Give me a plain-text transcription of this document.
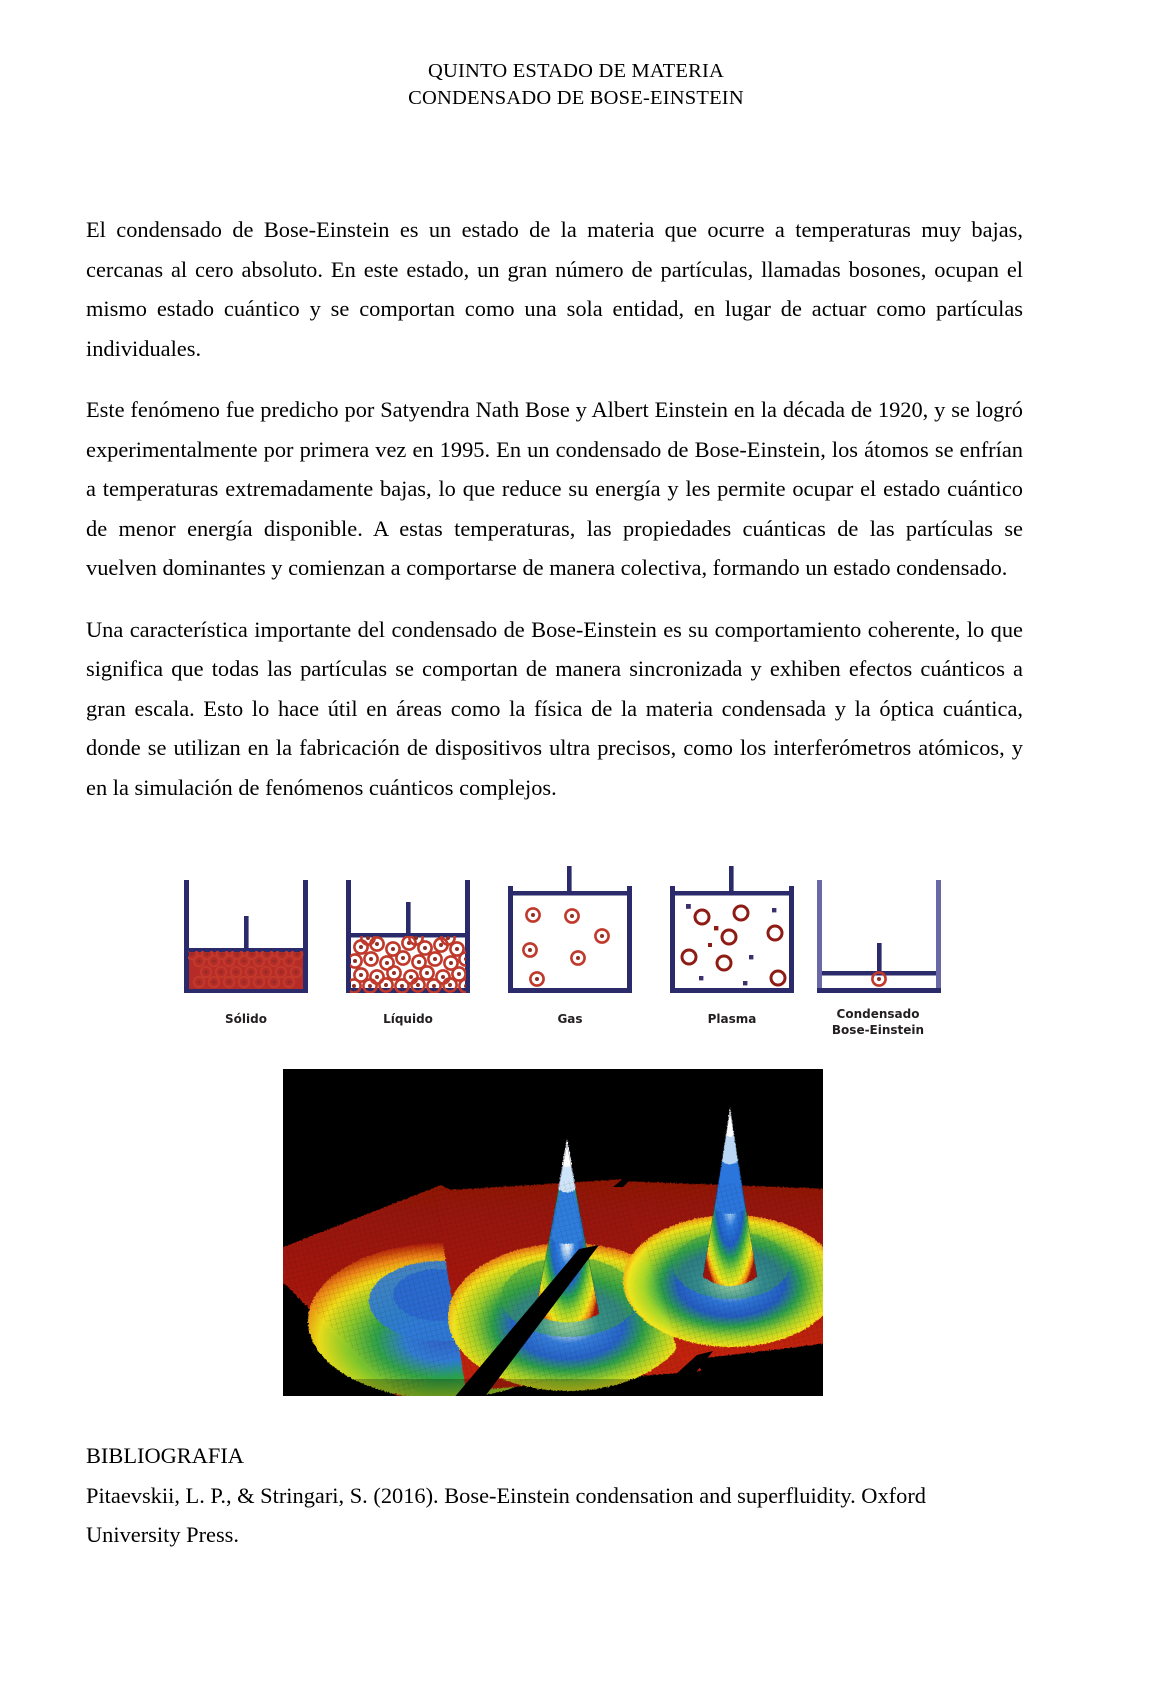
QUINTO ESTADO DE MATERIA
CONDENSADO DE BOSE-EINSTEIN

El condensado de Bose-Einstein es un estado de la materia que ocurre a temperaturas muy bajas, cercanas al cero absoluto. En este estado, un gran número de partículas, llamadas bosones, ocupan el mismo estado cuántico y se comportan como una sola entidad, en lugar de actuar como partículas individuales.

Este fenómeno fue predicho por Satyendra Nath Bose y Albert Einstein en la década de 1920, y se logró experimentalmente por primera vez en 1995. En un condensado de Bose-Einstein, los átomos se enfrían a temperaturas extremadamente bajas, lo que reduce su energía y les permite ocupar el estado cuántico de menor energía disponible. A estas temperaturas, las propiedades cuánticas de las partículas se vuelven dominantes y comienzan a comportarse de manera colectiva, formando un estado condensado.

Una característica importante del condensado de Bose-Einstein es su comportamiento coherente, lo que significa que todas las partículas se comportan de manera sincronizada y exhiben efectos cuánticos a gran escala. Esto lo hace útil en áreas como la física de la materia condensada y la óptica cuántica, donde se utilizan en la fabricación de dispositivos ultra precisos, como los interferómetros atómicos, y en la simulación de fenómenos cuánticos complejos.

Sólido	Líquido	Gas	Plasma	Condensado
Bose-Einstein
BIBLIOGRAFIA
Pitaevskii, L. P., & Stringari, S. (2016). Bose-Einstein condensation and superfluidity. Oxford University Press.
